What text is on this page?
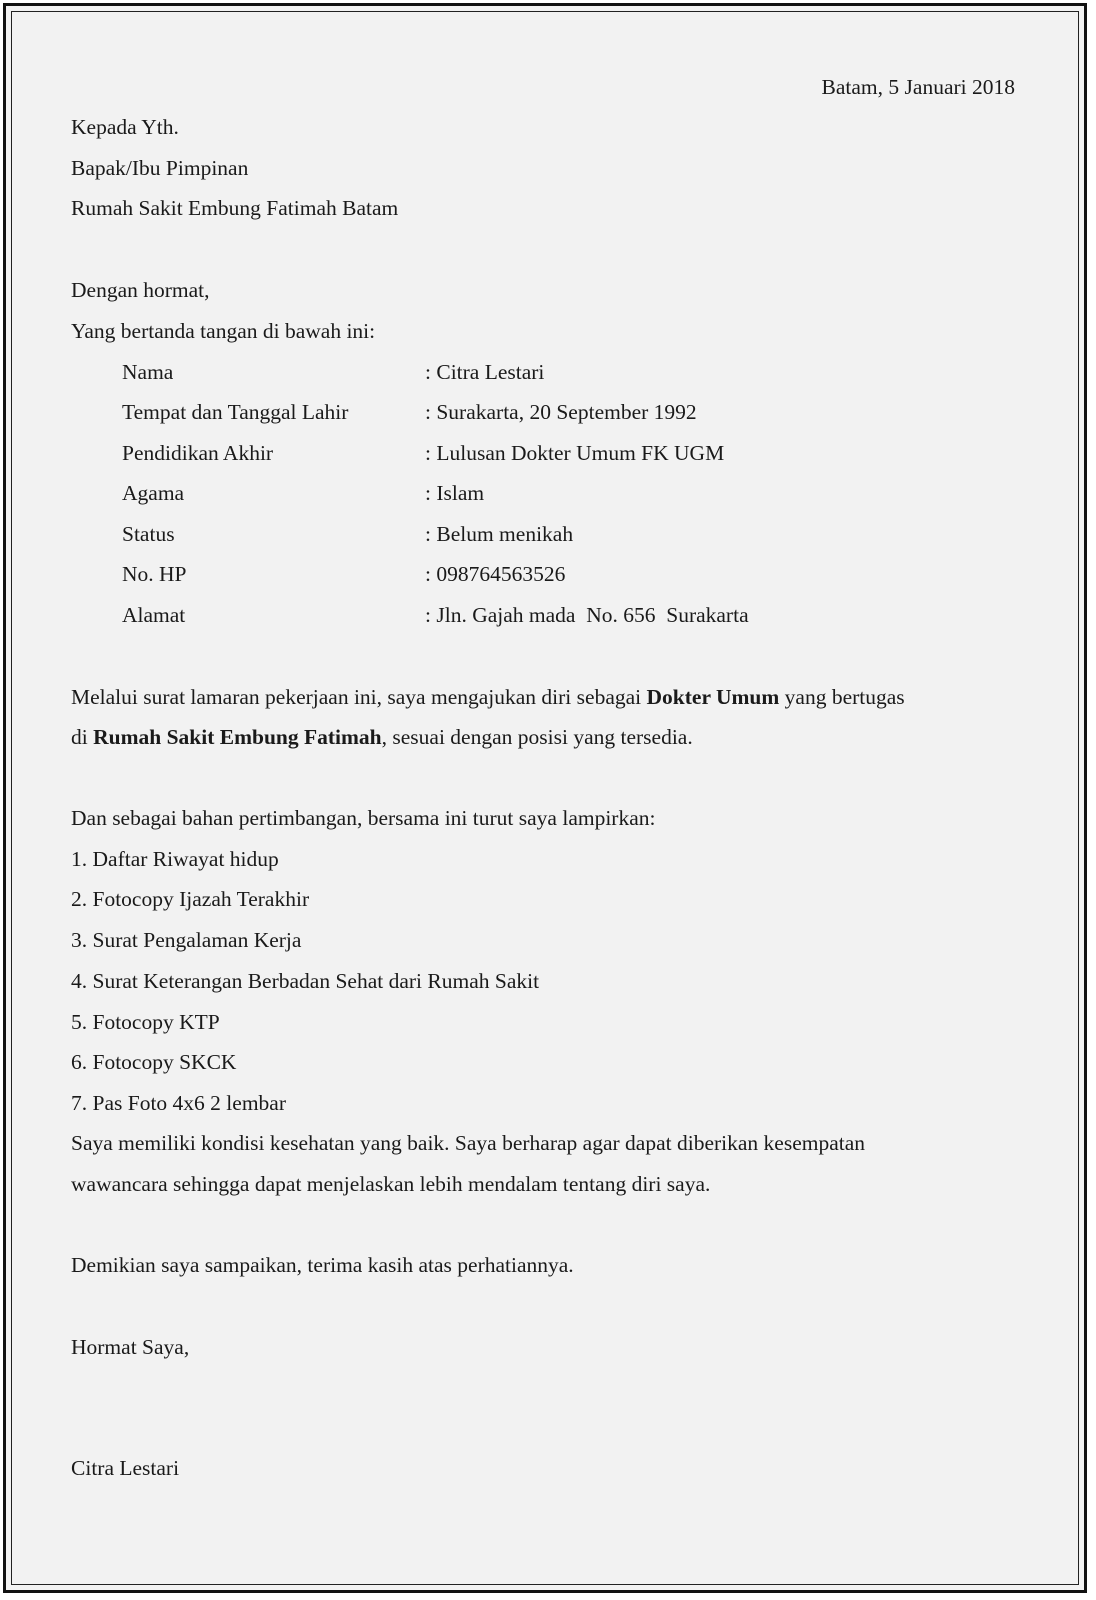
Batam, 5 Januari 2018

Kepada Yth.

Bapak/Ibu Pimpinan

Rumah Sakit Embung Fatimah Batam

Dengan hormat,

Yang bertanda tangan di bawah ini:

Nama	: Citra Lestari
Tempat dan Tanggal Lahir	: Surakarta, 20 September 1992
Pendidikan Akhir	: Lulusan Dokter Umum FK UGM
Agama	: Islam
Status	: Belum menikah
No. HP	: 098764563526
Alamat	: Jln. Gajah mada  No. 656  Surakarta

Melalui surat lamaran pekerjaan ini, saya mengajukan diri sebagai Dokter Umum yang bertugas

di Rumah Sakit Embung Fatimah, sesuai dengan posisi yang tersedia.

Dan sebagai bahan pertimbangan, bersama ini turut saya lampirkan:

1. Daftar Riwayat hidup

2. Fotocopy Ijazah Terakhir

3. Surat Pengalaman Kerja

4. Surat Keterangan Berbadan Sehat dari Rumah Sakit

5. Fotocopy KTP

6. Fotocopy SKCK

7. Pas Foto 4x6 2 lembar

Saya memiliki kondisi kesehatan yang baik. Saya berharap agar dapat diberikan kesempatan

wawancara sehingga dapat menjelaskan lebih mendalam tentang diri saya.

Demikian saya sampaikan, terima kasih atas perhatiannya.

Hormat Saya,

Citra Lestari
